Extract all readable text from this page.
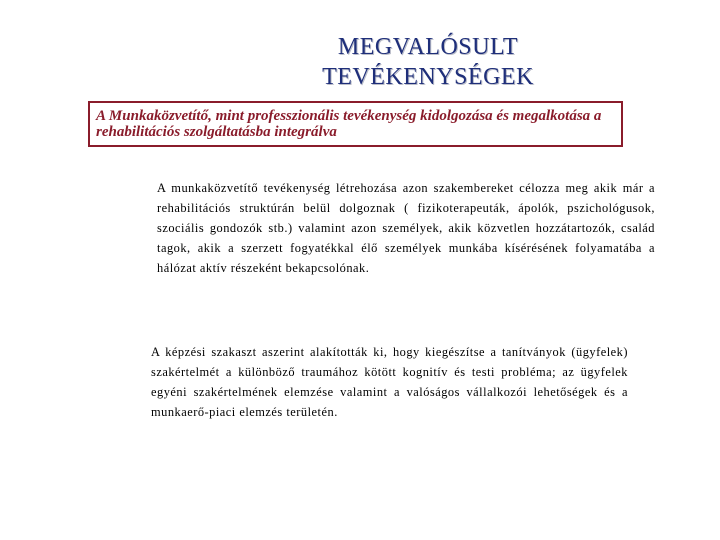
MEGVALÓSULT
TEVÉKENYSÉGEK
A Munkaközvetítő, mint professzionális tevékenység kidolgozása és megalkotása a rehabilitációs szolgáltatásba integrálva
A munkaközvetítő tevékenység létrehozása azon szakembereket célozza meg akik már a rehabilitációs struktúrán belül dolgoznak ( fizikoterapeuták, ápolók, pszichológusok, szociális gondozók stb.) valamint azon személyek, akik közvetlen hozzátartozók, család tagok, akik a szerzett fogyatékkal élő személyek munkába kísérésének folyamatába a hálózat aktív részeként bekapcsolónak.
A képzési szakaszt aszerint alakították ki, hogy kiegészítse a tanítványok (ügyfelek) szakértelmét a különböző traumához kötött kognitív és testi probléma; az ügyfelek egyéni szakértelmének elemzése valamint a valóságos vállalkozói lehetőségek és a munkaerő-piaci elemzés területén.
